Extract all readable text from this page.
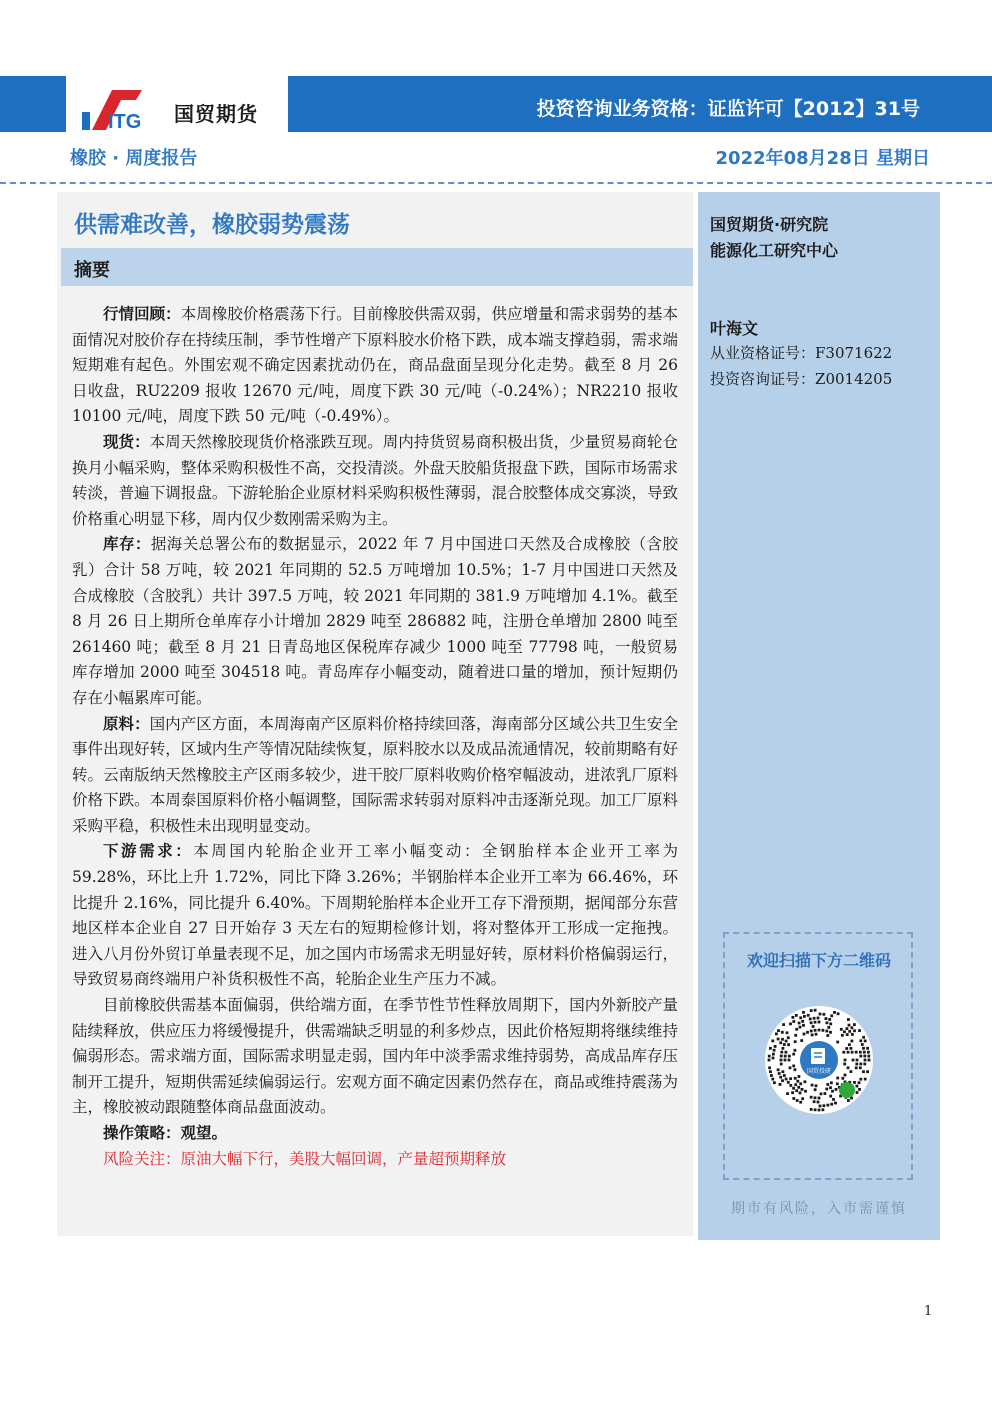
ITG 国贸期货	投资咨询业务资格：证监许可【2012】31号
橡胶 · 周度报告	2022年08月28日 星期日
供需难改善，橡胶弱势震荡
摘要

行情回顾：本周橡胶价格震荡下行。目前橡胶供需双弱，供应增量和需求弱势的基本面情况对胶价存在持续压制，季节性增产下原料胶水价格下跌，成本端支撑趋弱，需求端短期难有起色。外围宏观不确定因素扰动仍在，商品盘面呈现分化走势。截至 8 月 26 日收盘，RU2209 报收 12670 元/吨，周度下跌 30 元/吨（-0.24%）；NR2210 报收 10100 元/吨，周度下跌 50 元/吨（-0.49%）。

现货：本周天然橡胶现货价格涨跌互现。周内持货贸易商积极出货，少量贸易商轮仓换月小幅采购，整体采购积极性不高，交投清淡。外盘天胶船货报盘下跌，国际市场需求转淡，普遍下调报盘。下游轮胎企业原材料采购积极性薄弱，混合胶整体成交寡淡，导致价格重心明显下移，周内仅少数刚需采购为主。

库存：据海关总署公布的数据显示，2022 年 7 月中国进口天然及合成橡胶（含胶乳）合计 58 万吨，较 2021 年同期的 52.5 万吨增加 10.5%；1-7 月中国进口天然及合成橡胶（含胶乳）共计 397.5 万吨，较 2021 年同期的 381.9 万吨增加 4.1%。截至 8 月 26 日上期所仓单库存小计增加 2829 吨至 286882 吨，注册仓单增加 2800 吨至 261460 吨；截至 8 月 21 日青岛地区保税库存减少 1000 吨至 77798 吨，一般贸易库存增加 2000 吨至 304518 吨。青岛库存小幅变动，随着进口量的增加，预计短期仍存在小幅累库可能。

原料：国内产区方面，本周海南产区原料价格持续回落，海南部分区域公共卫生安全事件出现好转，区域内生产等情况陆续恢复，原料胶水以及成品流通情况，较前期略有好转。云南版纳天然橡胶主产区雨多较少，进干胶厂原料收购价格窄幅波动，进浓乳厂原料价格下跌。本周泰国原料价格小幅调整，国际需求转弱对原料冲击逐渐兑现。加工厂原料采购平稳，积极性未出现明显变动。

下游需求：本周国内轮胎企业开工率小幅变动：全钢胎样本企业开工率为 59.28%，环比上升 1.72%，同比下降 3.26%；半钢胎样本企业开工率为 66.46%，环比提升 2.16%，同比提升 6.40%。下周期轮胎样本企业开工存下滑预期，据闻部分东营地区样本企业自 27 日开始存 3 天左右的短期检修计划，将对整体开工形成一定拖拽。进入八月份外贸订单量表现不足，加之国内市场需求无明显好转，原材料价格偏弱运行，导致贸易商终端用户补货积极性不高，轮胎企业生产压力不减。

目前橡胶供需基本面偏弱，供给端方面，在季节性节性释放周期下，国内外新胶产量陆续释放，供应压力将缓慢提升，供需端缺乏明显的利多炒点，因此价格短期将继续维持偏弱形态。需求端方面，国际需求明显走弱，国内年中淡季需求维持弱势，高成品库存压制开工提升，短期供需延续偏弱运行。宏观方面不确定因素仍然存在，商品或维持震荡为主，橡胶被动跟随整体商品盘面波动。

操作策略：观望。

风险关注：原油大幅下行，美股大幅回调，产量超预期释放

国贸期货·研究院
能源化工研究中心
叶海文
从业资格证号：F3071622
投资咨询证号：Z0014205
欢迎扫描下方二维码
国贸投研
期市有风险，入市需谨慎
1
